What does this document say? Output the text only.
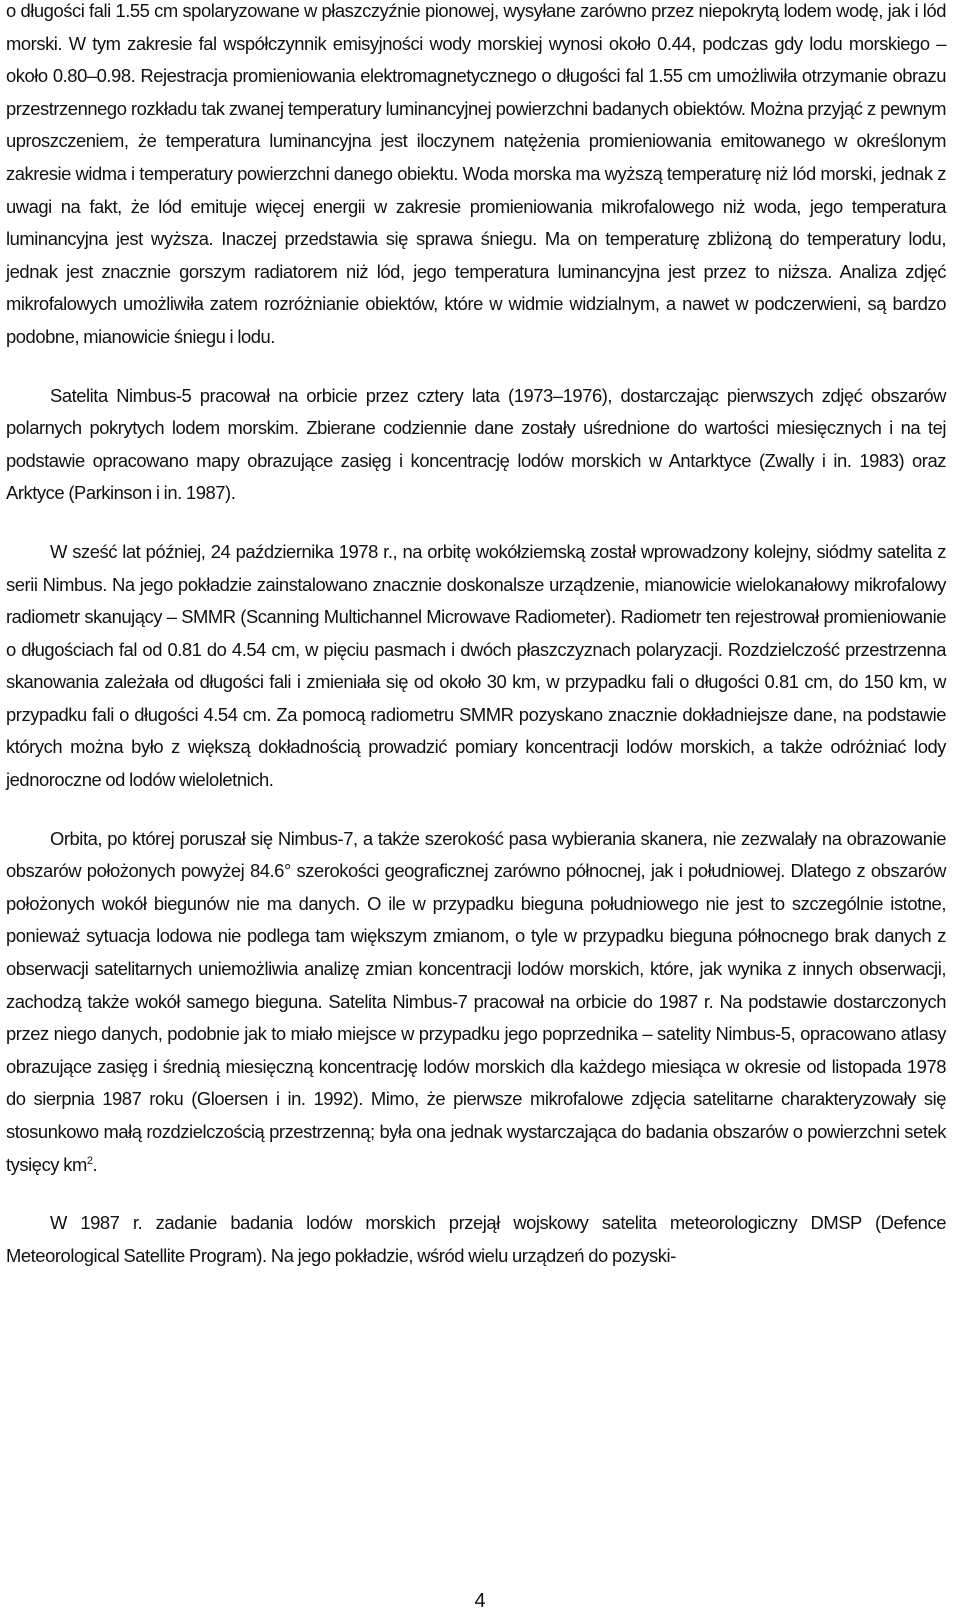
o długości fali 1.55 cm spolaryzowane w płaszczyźnie pionowej, wysyłane zarówno przez niepokrytą lodem wodę, jak i lód morski. W tym zakresie fal współczynnik emisyjności wody morskiej wynosi około 0.44, podczas gdy lodu morskiego – około 0.80–0.98. Rejestracja promieniowania elektromagnetycznego o długości fal 1.55 cm umożliwiła otrzymanie obrazu przestrzennego rozkładu tak zwanej temperatury luminancyjnej powierzchni badanych obiektów. Można przyjąć z pewnym uproszczeniem, że temperatura luminancyjna jest iloczynem natężenia promieniowania emitowanego w określonym zakresie widma i temperatury powierzchni danego obiektu. Woda morska ma wyższą temperaturę niż lód morski, jednak z uwagi na fakt, że lód emituje więcej energii w zakresie promieniowania mikrofalowego niż woda, jego temperatura luminancyjna jest wyższa. Inaczej przedstawia się sprawa śniegu. Ma on temperaturę zbliżoną do temperatury lodu, jednak jest znacznie gorszym radiatorem niż lód, jego temperatura luminancyjna jest przez to niższa. Analiza zdjęć mikrofalowych umożliwiła zatem rozróżnianie obiektów, które w widmie widzialnym, a nawet w podczerwieni, są bardzo podobne, mianowicie śniegu i lodu.

Satelita Nimbus-5 pracował na orbicie przez cztery lata (1973–1976), dostarczając pierwszych zdjęć obszarów polarnych pokrytych lodem morskim. Zbierane codziennie dane zostały uśrednione do wartości miesięcznych i na tej podstawie opracowano mapy obrazujące zasięg i koncentrację lodów morskich w Antarktyce (Zwally i in. 1983) oraz Arktyce (Parkinson i in. 1987).

W sześć lat później, 24 października 1978 r., na orbitę wokółziemską został wprowadzony kolejny, siódmy satelita z serii Nimbus. Na jego pokładzie zainstalowano znacznie doskonalsze urządzenie, mianowicie wielokanałowy mikrofalowy radiometr skanujący – SMMR (Scanning Multichannel Microwave Radiometer). Radiometr ten rejestrował promieniowanie o długościach fal od 0.81 do 4.54 cm, w pięciu pasmach i dwóch płaszczyznach polaryzacji. Rozdzielczość przestrzenna skanowania zależała od długości fali i zmieniała się od około 30 km, w przypadku fali o długości 0.81 cm, do 150 km, w przypadku fali o długości 4.54 cm. Za pomocą radiometru SMMR pozyskano znacznie dokładniejsze dane, na podstawie których można było z większą dokładnością prowadzić pomiary koncentracji lodów morskich, a także odróżniać lody jednoroczne od lodów wieloletnich.

Orbita, po której poruszał się Nimbus-7, a także szerokość pasa wybierania skanera, nie zezwalały na obrazowanie obszarów położonych powyżej 84.6° szerokości geograficznej zarówno północnej, jak i południowej. Dlatego z obszarów położonych wokół biegunów nie ma danych. O ile w przypadku bieguna południowego nie jest to szczególnie istotne, ponieważ sytuacja lodowa nie podlega tam większym zmianom, o tyle w przypadku bieguna północnego brak danych z obserwacji satelitarnych uniemożliwia analizę zmian koncentracji lodów morskich, które, jak wynika z innych obserwacji, zachodzą także wokół samego bieguna. Satelita Nimbus-7 pracował na orbicie do 1987 r. Na podstawie dostarczonych przez niego danych, podobnie jak to miało miejsce w przypadku jego poprzednika – satelity Nimbus-5, opracowano atlasy obrazujące zasięg i średnią miesięczną koncentrację lodów morskich dla każdego miesiąca w okresie od listopada 1978 do sierpnia 1987 roku (Gloersen i in. 1992). Mimo, że pierwsze mikrofalowe zdjęcia satelitarne charakteryzowały się stosunkowo małą rozdzielczością przestrzenną; była ona jednak wystarczająca do badania obszarów o powierzchni setek tysięcy $km^2$.

W 1987 r. zadanie badania lodów morskich przejął wojskowy satelita meteorologiczny DMSP (Defence Meteorological Satellite Program). Na jego pokładzie, wśród wielu urządzeń do pozyski-

4
